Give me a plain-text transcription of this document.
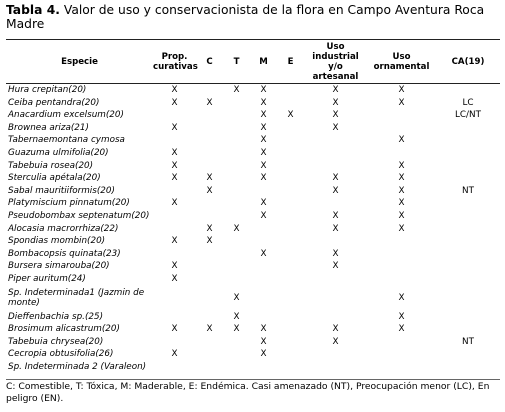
Tabla 4. Valor de uso y conservacionista de la flora en Campo Aventura Roca Madre
Especie	Prop. curativas	C	T	M	E	Uso industrial y/o artesanal	Uso ornamental	CA(19)
Hura crepitan(20)	X		X	X		X	X	
Ceiba pentandra(20)	X	X		X		X	X	LC
Anacardium excelsum(20)				X	X	X		LC/NT
Brownea ariza(21)	X			X		X		
Tabernaemontana cymosa				X			X	
Guazuma ulmifolia(20)	X			X				
Tabebuia rosea(20)	X			X			X	
Sterculia apétala(20)	X	X		X		X	X	
Sabal mauritiiformis(20)		X				X	X	NT
Platymiscium pinnatum(20)	X			X			X	
Pseudobombax septenatum(20)				X		X	X	
Alocasia macrorrhiza(22)		X	X			X	X	
Spondias mombin(20)	X	X						
Bombacopsis quinata(23)				X		X		
Bursera simarouba(20)	X					X		
Piper auritum(24)	X							
Sp. Indeterminada1 (Jazmin de monte)			X				X	
Dieffenbachia sp.(25)			X				X	
Brosimum alicastrum(20)	X	X	X	X		X	X	
Tabebuia chrysea(20)				X		X		NT
Cecropia obtusifolia(26)	X			X				
Sp. Indeterminada 2 (Varaleon)								
C: Comestible, T: Tóxica, M: Maderable, E: Endémica. Casi amenazado (NT), Preocupación menor (LC), En peligro (EN).
